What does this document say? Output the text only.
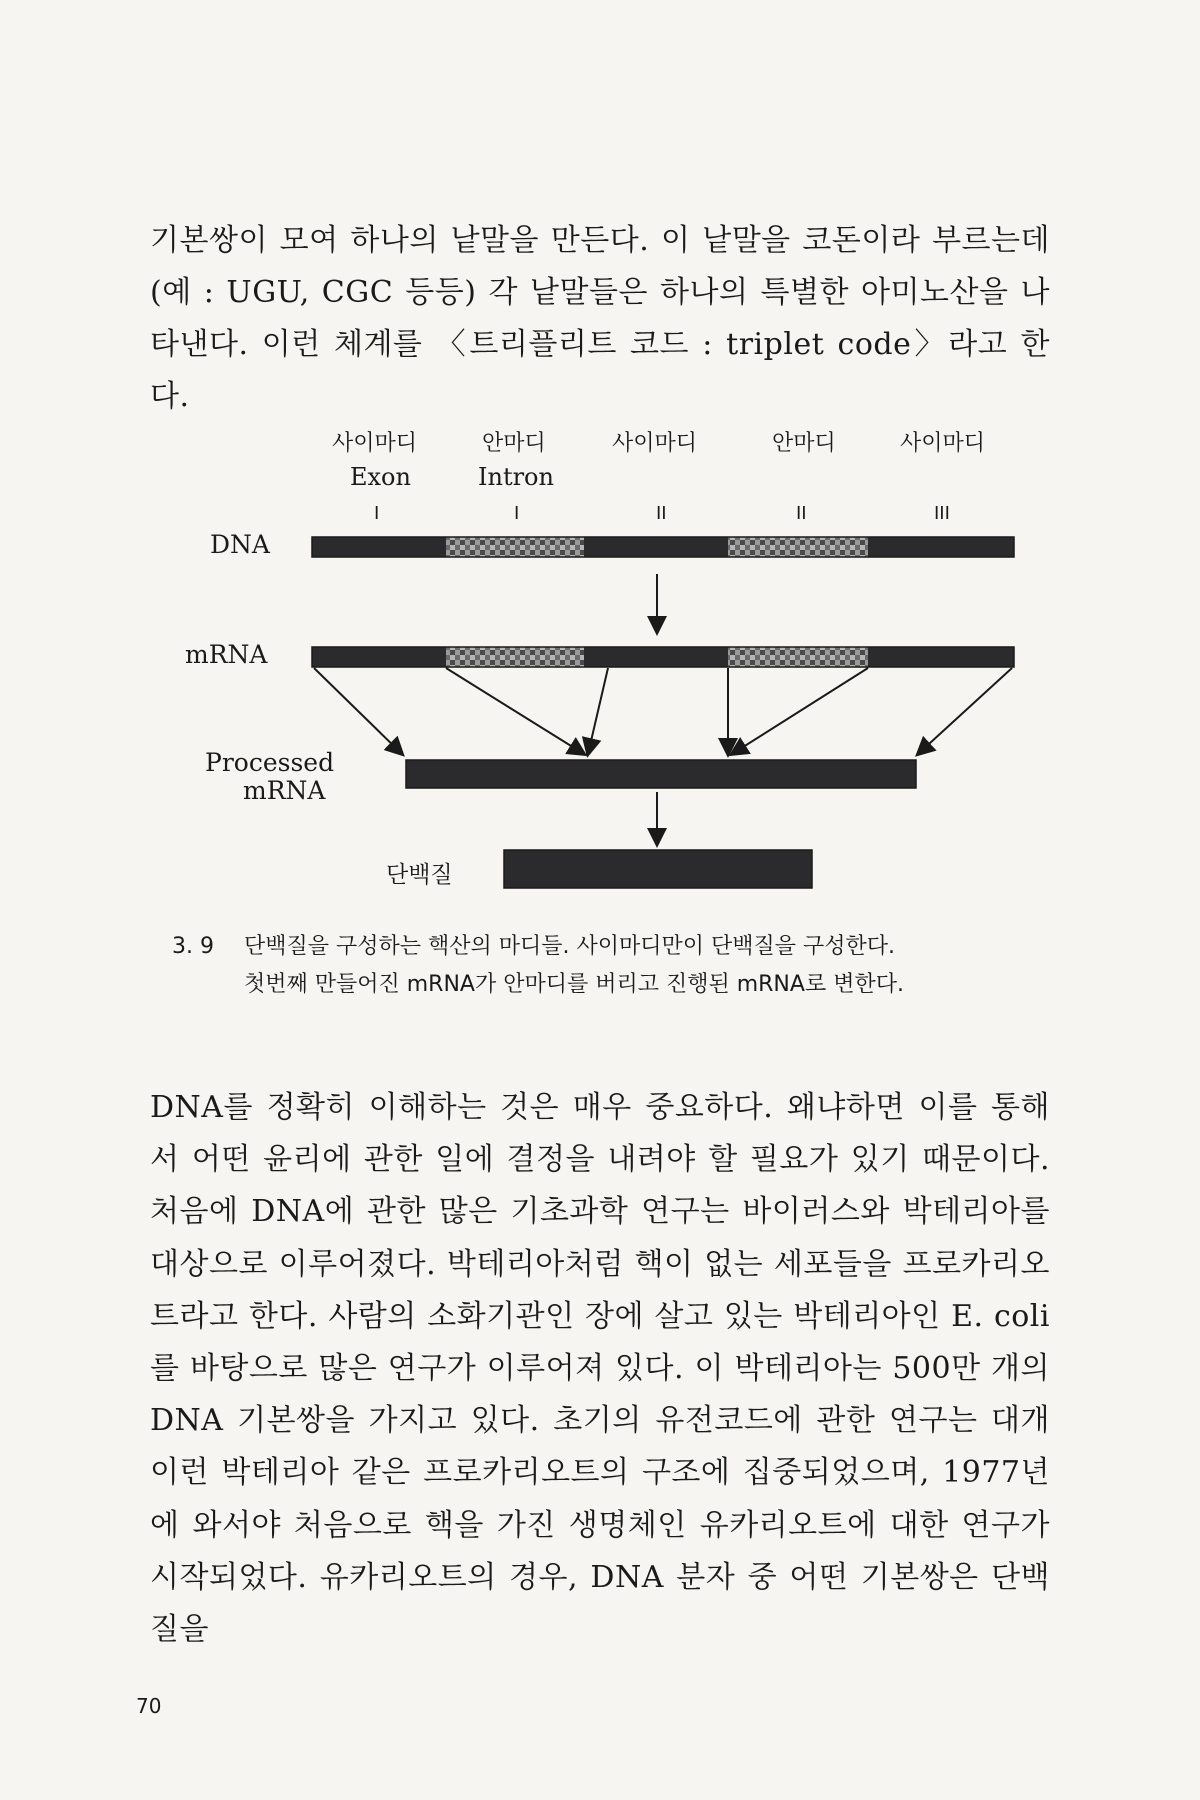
기본쌍이 모여 하나의 낱말을 만든다. 이 낱말을 코돈이라 부르는데 (예 : UGU, CGC 등등) 각 낱말들은 하나의 특별한 아미노산을 나타낸다. 이런 체계를 〈트리플리트 코드 : triplet code〉라고 한다.

사이마디	안마디	사이마디	안마디	사이마디
Exon	Intron
I	I	II	II	III
DNA
mRNA
Processed
mRNA
단백질
3. 9 단백질을 구성하는 핵산의 마디들. 사이마디만이 단백질을 구성한다.
첫번째 만들어진 mRNA가 안마디를 버리고 진행된 mRNA로 변한다.

DNA를 정확히 이해하는 것은 매우 중요하다. 왜냐하면 이를 통해서 어떤 윤리에 관한 일에 결정을 내려야 할 필요가 있기 때문이다. 처음에 DNA에 관한 많은 기초과학 연구는 바이러스와 박테리아를 대상으로 이루어졌다. 박테리아처럼 핵이 없는 세포들을 프로카리오트라고 한다. 사람의 소화기관인 장에 살고 있는 박테리아인 E. coli를 바탕으로 많은 연구가 이루어져 있다. 이 박테리아는 500만 개의 DNA 기본쌍을 가지고 있다. 초기의 유전코드에 관한 연구는 대개 이런 박테리아 같은 프로카리오트의 구조에 집중되었으며, 1977년에 와서야 처음으로 핵을 가진 생명체인 유카리오트에 대한 연구가 시작되었다. 유카리오트의 경우, DNA 분자 중 어떤 기본쌍은 단백질을

70
